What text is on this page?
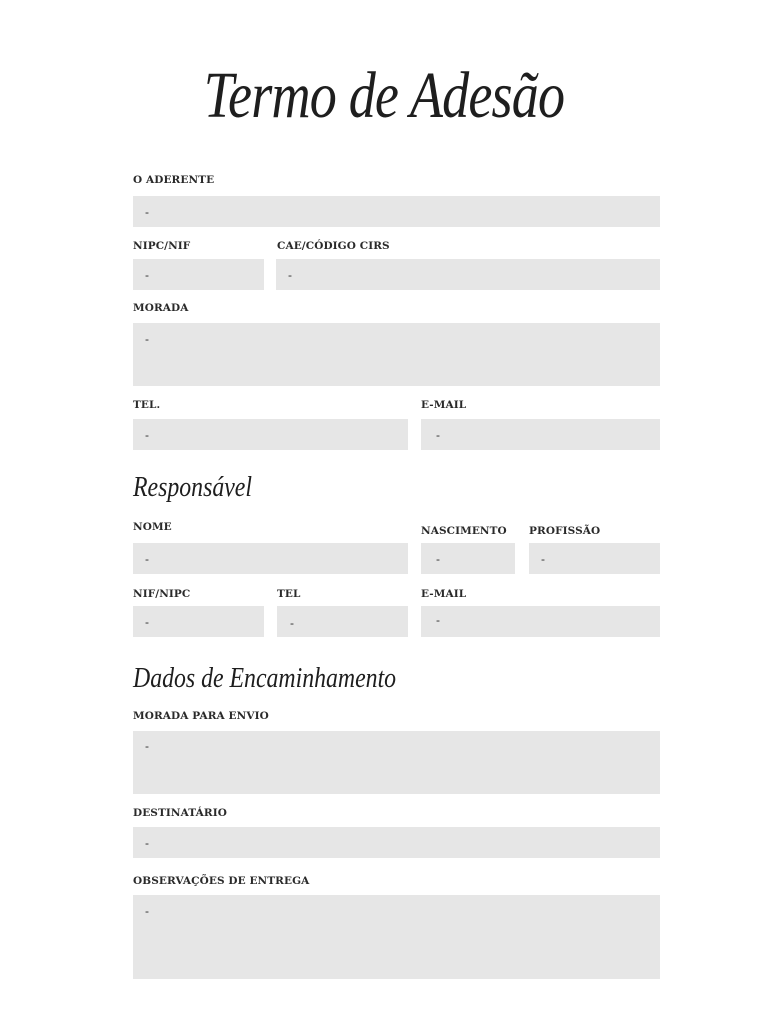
Termo de Adesão
O ADERENTE
-
NIPC/NIF
-
CAE/CÓDIGO CIRS
-
MORADA
-
TEL.
-
E-MAIL
-
Responsável
NOME
-
NASCIMENTO
-
PROFISSÃO
-
NIF/NIPC
-
TEL
-
E-MAIL
-
Dados de Encaminhamento
MORADA PARA ENVIO
-
DESTINATÁRIO
-
OBSERVAÇÕES DE ENTREGA
-
